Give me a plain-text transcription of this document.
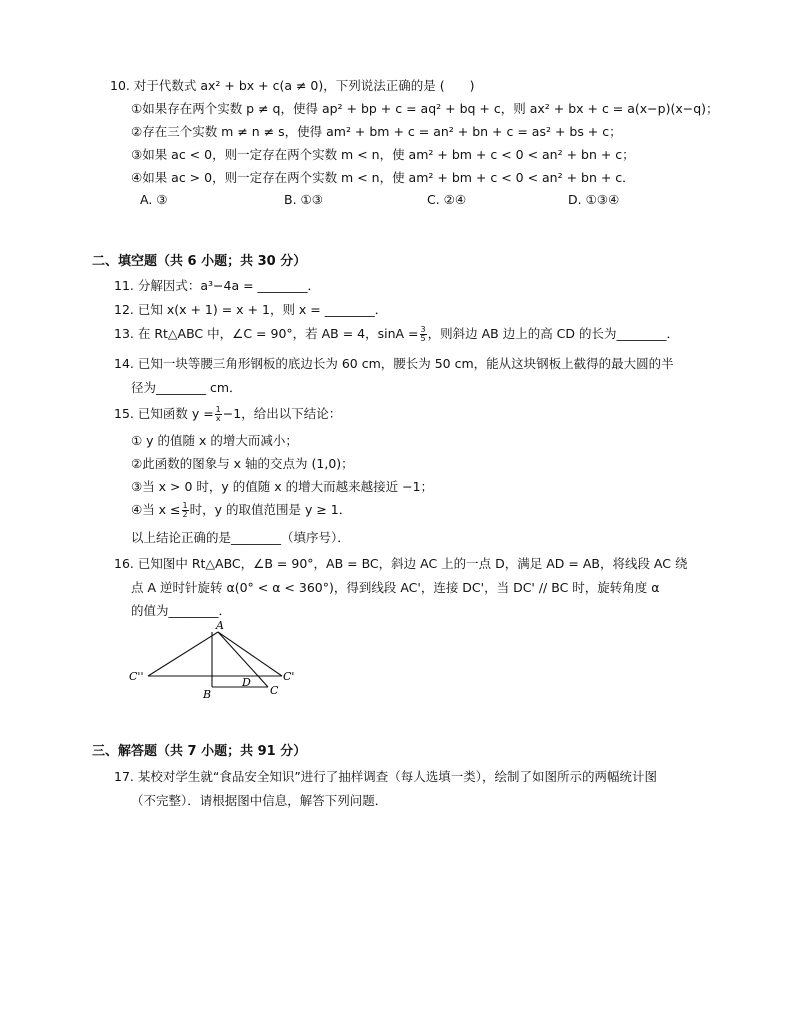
10. 对于代数式 ax² + bx + c(a ≠ 0)，下列说法正确的是 (　　)
①如果存在两个实数 p ≠ q，使得 ap² + bp + c = aq² + bq + c，则 ax² + bx + c = a(x−p)(x−q)；
②存在三个实数 m ≠ n ≠ s，使得 am² + bm + c = an² + bn + c = as² + bs + c；
③如果 ac < 0，则一定存在两个实数 m < n，使 am² + bm + c < 0 < an² + bn + c；
④如果 ac > 0，则一定存在两个实数 m < n，使 am² + bm + c < 0 < an² + bn + c．
A. ③	B. ①③	C. ②④	D. ①③④
二、填空题（共 6 小题；共 30 分）
11. 分解因式：a³−4a = ________．
12. 已知 x(x + 1) = x + 1，则 x = ________．
13. 在 Rt△ABC 中，∠C = 90°，若 AB = 4，$\sin A = \frac{3}{5}$ ，则斜边 AB 边上的高 CD 的长为________．
14. 已知一块等腰三角形钢板的底边长为 60 cm，腰长为 50 cm，能从这块钢板上截得的最大圆的半
径为________ cm．
15. 已知函数 $y = \frac{1}{x} -1$，给出以下结论：
① y 的值随 x 的增大而减小；
②此函数的图象与 x 轴的交点为 (1,0)；
③当 x > 0 时，y 的值随 x 的增大而越来越接近 −1；
④当 $x \le \frac{1}{2}$ 时，y 的取值范围是 y ≥ 1．
以上结论正确的是________（填序号）．
16. 已知图中 Rt△ABC，∠B = 90°，AB = BC，斜边 AC 上的一点 D，满足 AD = AB，将线段 AC 绕
点 A 逆时针旋转 α(0° < α < 360°)，得到线段 AC'，连接 DC'，当 DC' // BC 时，旋转角度 α
的值为________．
A
B	C
D	C'
C''
三、解答题（共 7 小题；共 91 分）
17. 某校对学生就“食品安全知识”进行了抽样调查（每人选填一类），绘制了如图所示的两幅统计图
（不完整）．请根据图中信息，解答下列问题．
